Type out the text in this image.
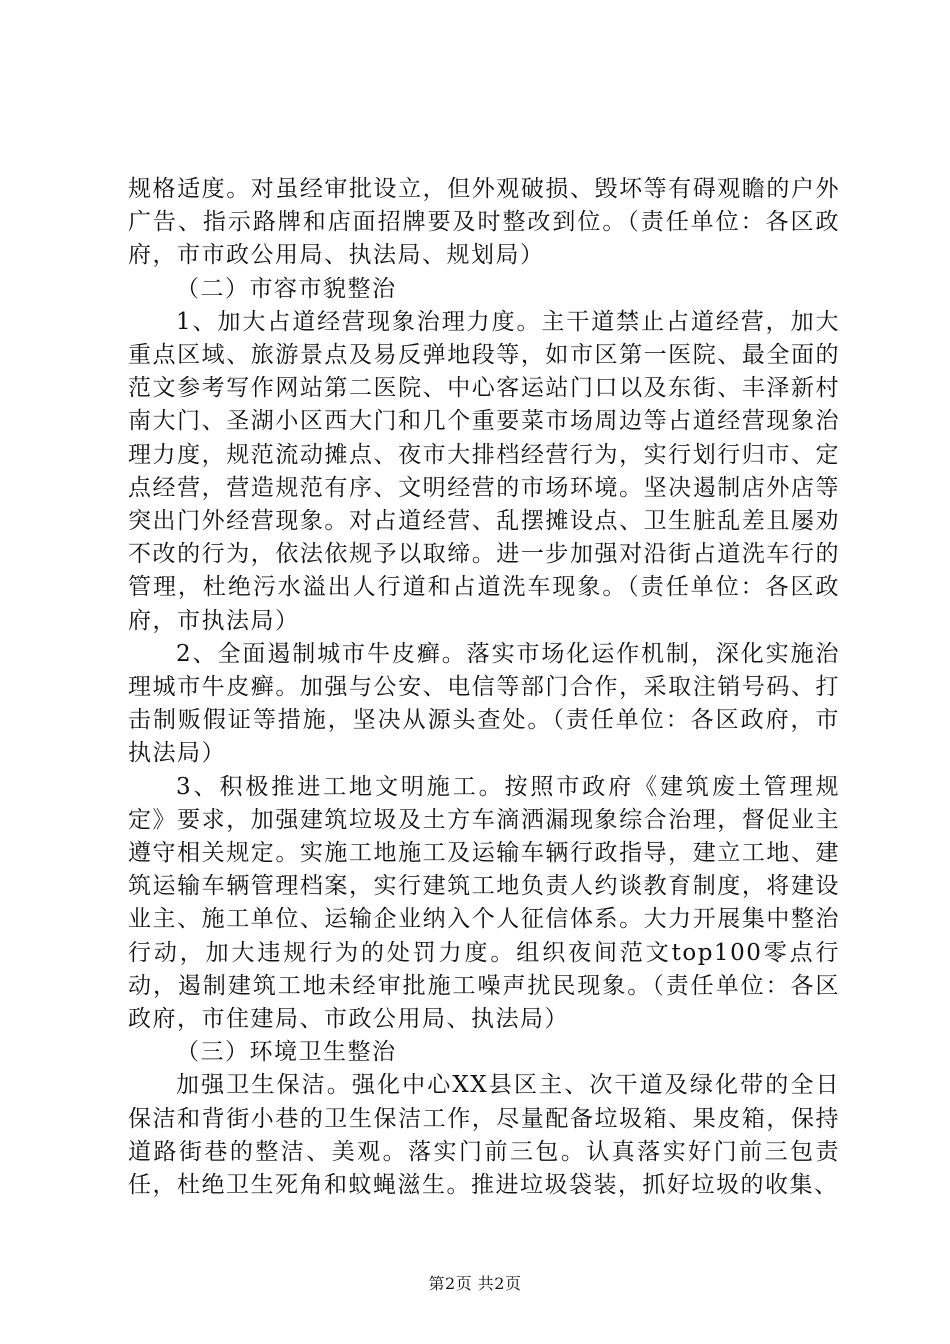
规格适度。对虽经审批设立，但外观破损、毁坏等有碍观瞻的户外广告、指示路牌和店面招牌要及时整改到位。（责任单位：各区政府，市市政公用局、执法局、规划局）

（二）市容市貌整治

1、加大占道经营现象治理力度。主干道禁止占道经营，加大重点区域、旅游景点及易反弹地段等，如市区第一医院、最全面的范文参考写作网站第二医院、中心客运站门口以及东街、丰泽新村南大门、圣湖小区西大门和几个重要菜市场周边等占道经营现象治理力度，规范流动摊点、夜市大排档经营行为，实行划行归市、定点经营，营造规范有序、文明经营的市场环境。坚决遏制店外店等突出门外经营现象。对占道经营、乱摆摊设点、卫生脏乱差且屡劝不改的行为，依法依规予以取缔。进一步加强对沿街占道洗车行的管理，杜绝污水溢出人行道和占道洗车现象。（责任单位：各区政府，市执法局）

2、全面遏制城市牛皮癣。落实市场化运作机制，深化实施治理城市牛皮癣。加强与公安、电信等部门合作，采取注销号码、打击制贩假证等措施，坚决从源头查处。（责任单位：各区政府，市执法局）

3、积极推进工地文明施工。按照市政府《建筑废土管理规定》要求，加强建筑垃圾及土方车滴洒漏现象综合治理，督促业主遵守相关规定。实施工地施工及运输车辆行政指导，建立工地、建筑运输车辆管理档案，实行建筑工地负责人约谈教育制度，将建设业主、施工单位、运输企业纳入个人征信体系。大力开展集中整治行动，加大违规行为的处罚力度。组织夜间范文top100零点行动，遏制建筑工地未经审批施工噪声扰民现象。（责任单位：各区政府，市住建局、市政公用局、执法局）

（三）环境卫生整治

加强卫生保洁。强化中心XX县区主、次干道及绿化带的全日保洁和背街小巷的卫生保洁工作，尽量配备垃圾箱、果皮箱，保持道路街巷的整洁、美观。落实门前三包。认真落实好门前三包责任，杜绝卫生死角和蚊蝇滋生。推进垃圾袋装，抓好垃圾的收集、

第2页 共2页
